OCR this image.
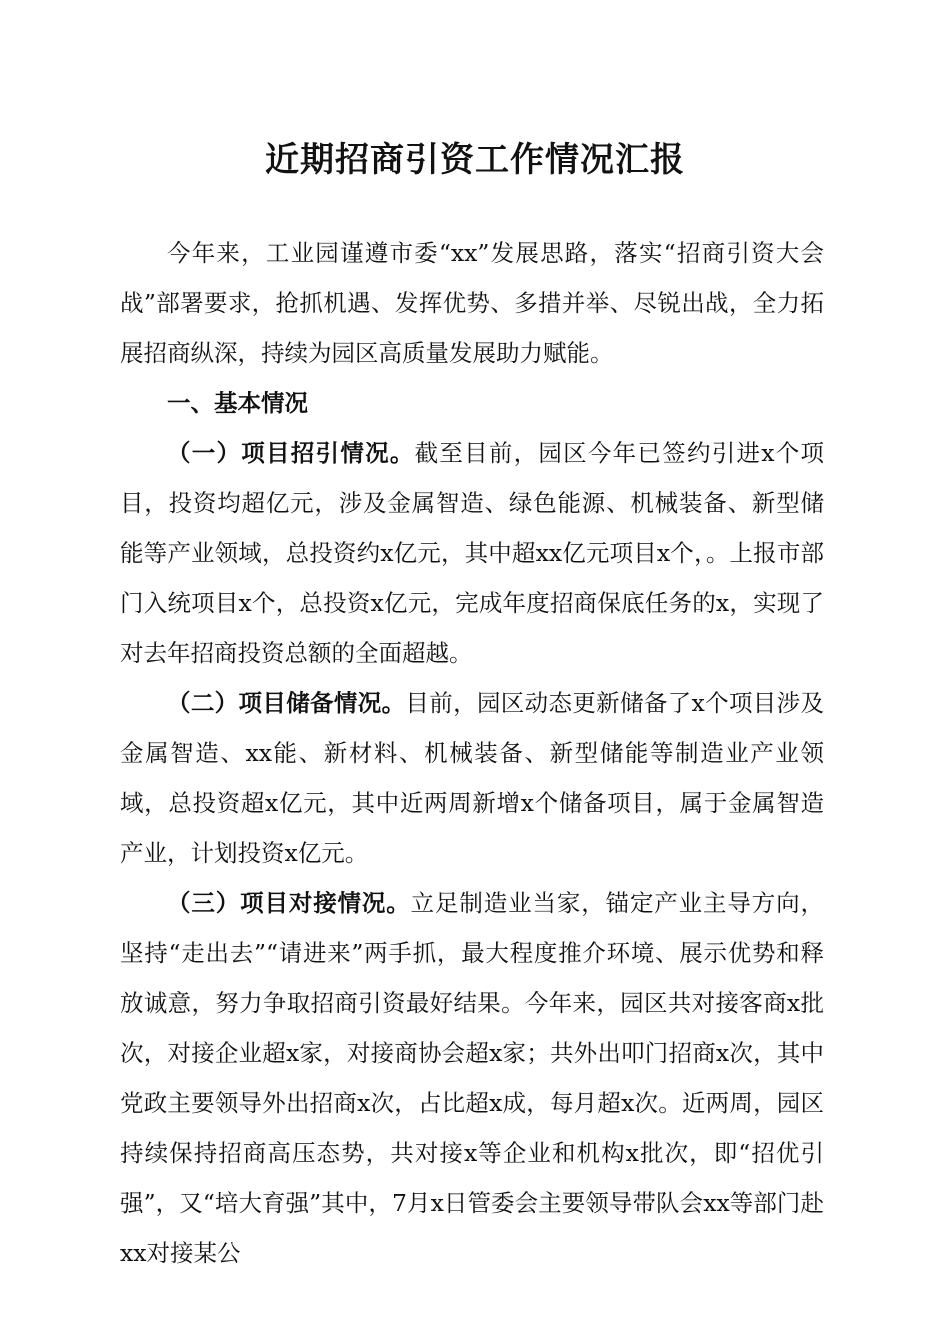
近期招商引资工作情况汇报

今年来，工业园谨遵市委“xx”发展思路，落实“招商引资大会战”部署要求，抢抓机遇、发挥优势、多措并举、尽锐出战，全力拓展招商纵深，持续为园区高质量发展助力赋能。

一、基本情况

（一）项目招引情况。截至目前，园区今年已签约引进x个项目，投资均超亿元，涉及金属智造、绿色能源、机械装备、新型储能等产业领域，总投资约x亿元，其中超xx亿元项目x个，。上报市部门入统项目x个，总投资x亿元，完成年度招商保底任务的x，实现了对去年招商投资总额的全面超越。

（二）项目储备情况。目前，园区动态更新储备了x个项目涉及金属智造、xx能、新材料、机械装备、新型储能等制造业产业领域，总投资超x亿元，其中近两周新增x个储备项目，属于金属智造产业，计划投资x亿元。

（三）项目对接情况。立足制造业当家，锚定产业主导方向，坚持“走出去”“请进来”两手抓，最大程度推介环境、展示优势和释放诚意，努力争取招商引资最好结果。今年来，园区共对接客商x批次，对接企业超x家，对接商协会超x家；共外出叩门招商x次，其中党政主要领导外出招商x次，占比超x成，每月超x次。近两周，园区持续保持招商高压态势，共对接x等企业和机构x批次，即“招优引强”，又“培大育强”其中，7月x日管委会主要领导带队会xx等部门赴xx对接某公
